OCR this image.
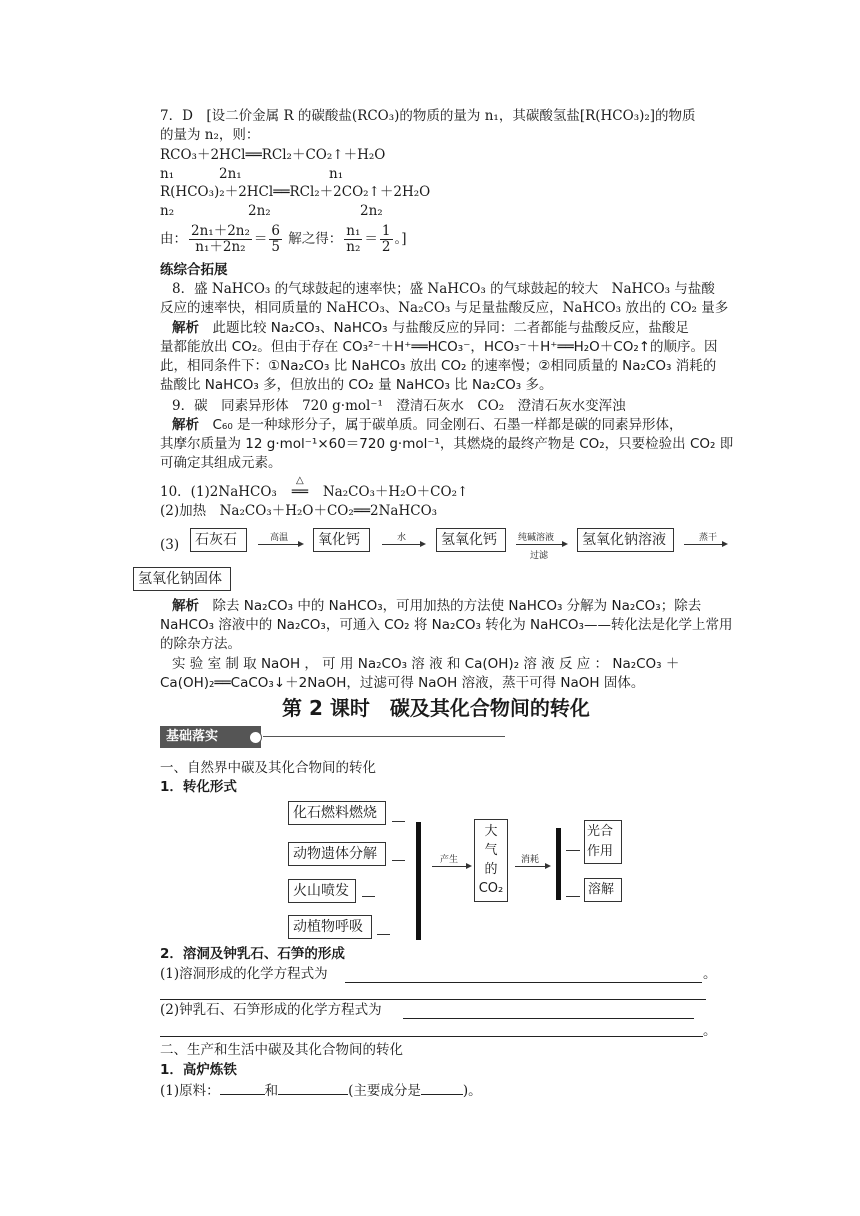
7．D　[设二价金属 R 的碳酸盐(RCO₃)的物质的量为 n₁，其碳酸氢盐[R(HCO₃)₂]的物质
的量为 n₂，则：
RCO₃＋2HCl══RCl₂＋CO₂↑＋H₂O
n₁	2n₁	n₁
R(HCO₃)₂＋2HCl══RCl₂＋2CO₂↑＋2H₂O
n₂	2n₂	2n₂
由： $\frac{\text{2n₁＋2n₂}}{\text{n₁＋2n₂}} = \frac{6}{5}$ 解之得： $\frac{\text{n₁}}{\text{n₂}} = \frac{1}{2}$ 。]
练综合拓展
8．盛 NaHCO₃ 的气球鼓起的速率快；盛 NaHCO₃ 的气球鼓起的较大　NaHCO₃ 与盐酸
反应的速率快，相同质量的 NaHCO₃、Na₂CO₃ 与足量盐酸反应，NaHCO₃ 放出的 CO₂ 量多
解析　 此题比较 Na₂CO₃、NaHCO₃ 与盐酸反应的异同：二者都能与盐酸反应，盐酸足
量都能放出 CO₂。但由于存在 CO₃²⁻＋H⁺══HCO₃⁻，HCO₃⁻＋H⁺══H₂O＋CO₂↑的顺序。因
此，相同条件下：①Na₂CO₃ 比 NaHCO₃ 放出 CO₂ 的速率慢；②相同质量的 Na₂CO₃ 消耗的
盐酸比 NaHCO₃ 多，但放出的 CO₂ 量 NaHCO₃ 比 Na₂CO₃ 多。
9．碳　同素异形体　720 g·mol⁻¹　澄清石灰水　CO₂　澄清石灰水变浑浊
解析　 C₆₀ 是一种球形分子，属于碳单质。同金刚石、石墨一样都是碳的同素异形体，
其摩尔质量为 12 g·mol⁻¹×60＝720 g·mol⁻¹，其燃烧的最终产物是 CO₂，只要检验出 CO₂ 即
可确定其组成元素。
10．(1)2NaHCO₃
△
══ Na₂CO₃＋H₂O＋CO₂↑
(2)加热　Na₂CO₃＋H₂O＋CO₂══2NaHCO₃
(3)	石灰石	高温	氧化钙	水	氢氧化钙	纯碱溶液
过滤
氢氧化钠溶液	蒸干
氢氧化钠固体
解析　 除去 Na₂CO₃ 中的 NaHCO₃，可用加热的方法使 NaHCO₃ 分解为 Na₂CO₃；除去
NaHCO₃ 溶液中的 Na₂CO₃，可通入 CO₂ 将 Na₂CO₃ 转化为 NaHCO₃——转化法是化学上常用
的除杂方法。
实 验 室 制 取 NaOH ， 可 用 Na₂CO₃ 溶 液 和 Ca(OH)₂ 溶 液 反 应 ： Na₂CO₃ ＋
Ca(OH)₂══CaCO₃↓＋2NaOH，过滤可得 NaOH 溶液，蒸干可得 NaOH 固体。
第 2 课时　碳及其化合物间的转化
基础落实
一、自然界中碳及其化合物间的转化
1．转化形式
化石燃料燃烧
动物遗体分解
火山喷发
动植物呼吸
产生
大
气
的
CO₂
消耗
光合
作用
溶解
2．溶洞及钟乳石、石笋的形成
(1)溶洞形成的化学方程式为	。
(2)钟乳石、石笋形成的化学方程式为
。
二、生产和生活中碳及其化合物间的转化
1．高炉炼铁
(1)原料：	和	(主要成分是	)。
